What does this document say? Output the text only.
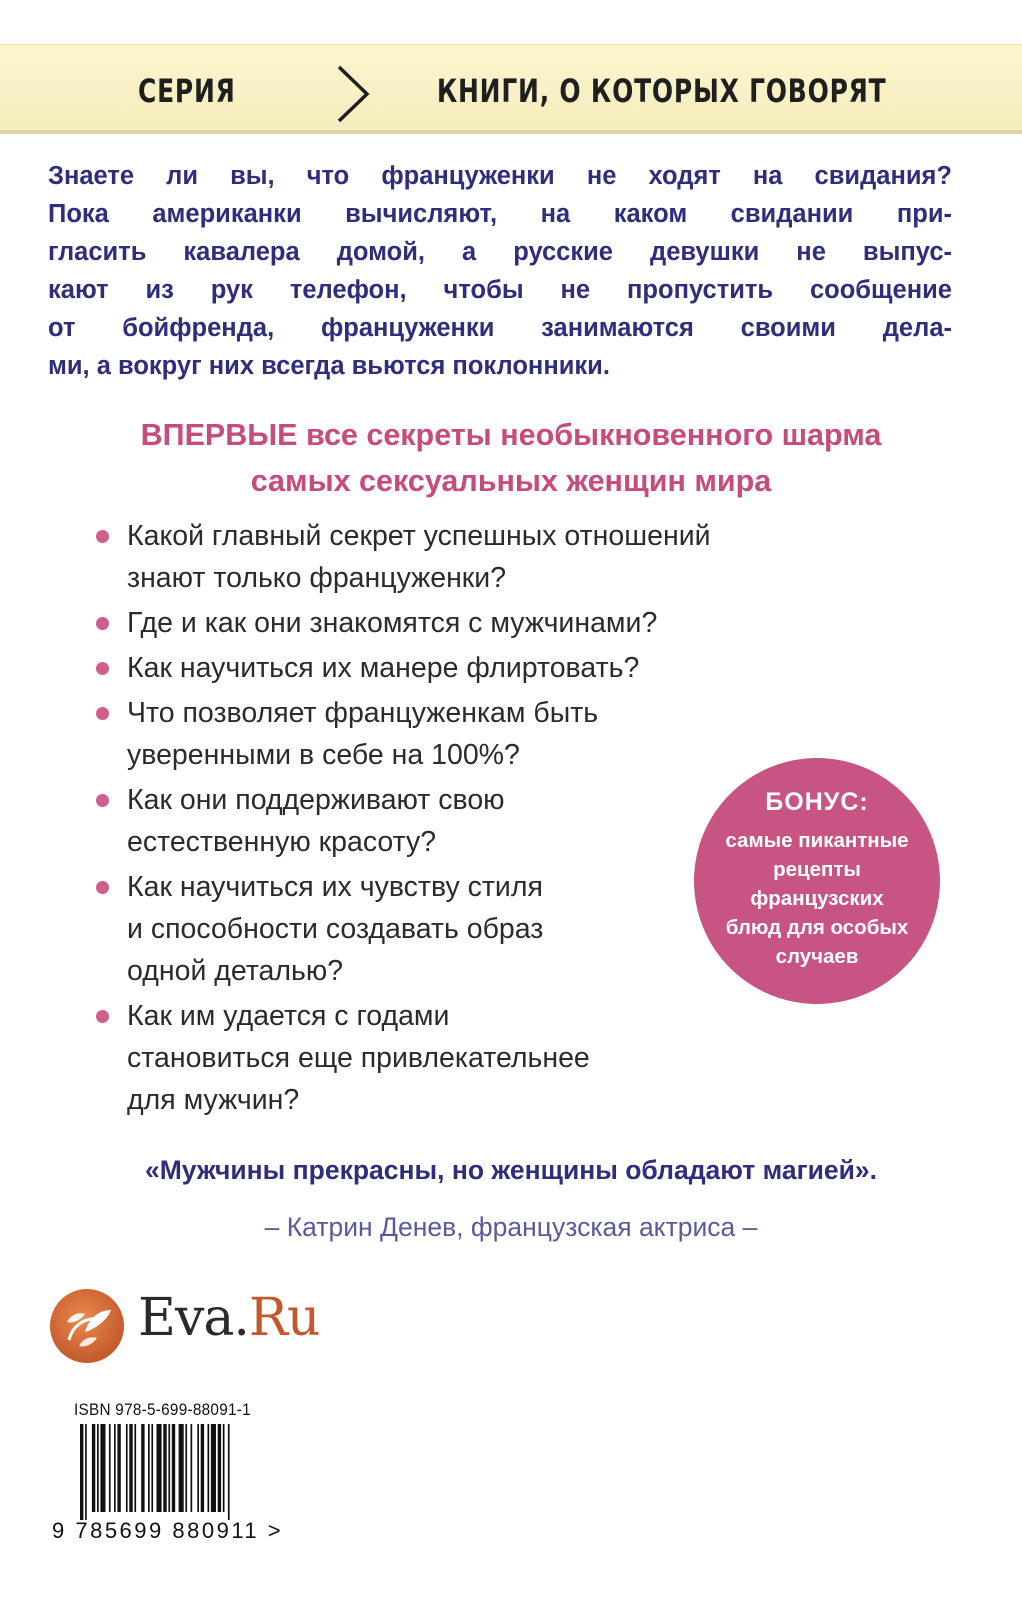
СЕРИЯ	КНИГИ, О КОТОРЫХ ГОВОРЯТ

Знаете ли вы, что француженки не ходят на свидания?
Пока американки вычисляют, на каком свидании при-
гласить кавалера домой, а русские девушки не выпус-
кают из рук телефон, чтобы не пропустить сообщение
от бойфренда, француженки занимаются своими дела-
ми, а вокруг них всегда вьются поклонники.

ВПЕРВЫЕ все секреты необыкновенного шарма
самых сексуальных женщин мира
Какой главный секрет успешных отношений
знают только француженки?
Где и как они знакомятся с мужчинами?
Как научиться их манере флиртовать?
Что позволяет француженкам быть
уверенными в себе на 100%?
Как они поддерживают свою
естественную красоту?
Как научиться их чувству стиля
и способности создавать образ
одной деталью?
Как им удается с годами
становиться еще привлекательнее
для мужчин?
БОНУС:
самые пикантные
рецепты
французских
блюд для особых
случаев

«Мужчины прекрасны, но женщины обладают магией».

– Катрин Денев, французская актриса –

Eva.Ru
ISBN 978-5-699-88091-1
9 785699 880911 >
